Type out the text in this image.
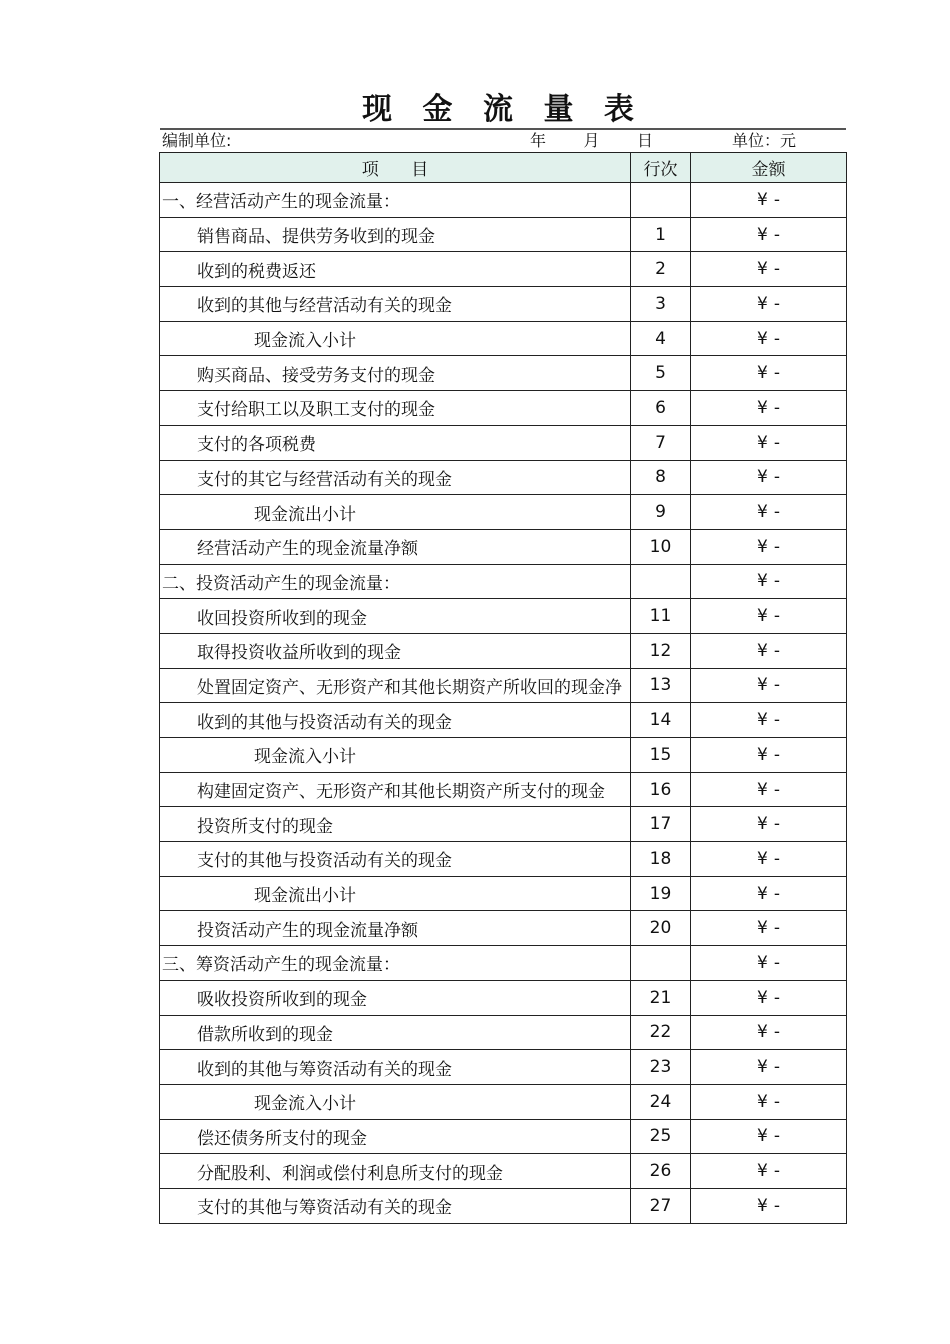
现 金 流 量 表
编制单位:	年      月      日	单位：元
项      目	行次	金额
一、经营活动产生的现金流量：		¥ -
销售商品、提供劳务收到的现金	1	¥ -
收到的税费返还	2	¥ -
收到的其他与经营活动有关的现金	3	¥ -
现金流入小计	4	¥ -
购买商品、接受劳务支付的现金	5	¥ -
支付给职工以及职工支付的现金	6	¥ -
支付的各项税费	7	¥ -
支付的其它与经营活动有关的现金	8	¥ -
现金流出小计	9	¥ -
经营活动产生的现金流量净额	10	¥ -
二、投资活动产生的现金流量：		¥ -
收回投资所收到的现金	11	¥ -
取得投资收益所收到的现金	12	¥ -
处置固定资产、无形资产和其他长期资产所收回的现金净	13	¥ -
收到的其他与投资活动有关的现金	14	¥ -
现金流入小计	15	¥ -
构建固定资产、无形资产和其他长期资产所支付的现金	16	¥ -
投资所支付的现金	17	¥ -
支付的其他与投资活动有关的现金	18	¥ -
现金流出小计	19	¥ -
投资活动产生的现金流量净额	20	¥ -
三、筹资活动产生的现金流量：		¥ -
吸收投资所收到的现金	21	¥ -
借款所收到的现金	22	¥ -
收到的其他与筹资活动有关的现金	23	¥ -
现金流入小计	24	¥ -
偿还债务所支付的现金	25	¥ -
分配股利、利润或偿付利息所支付的现金	26	¥ -
支付的其他与筹资活动有关的现金	27	¥ -
